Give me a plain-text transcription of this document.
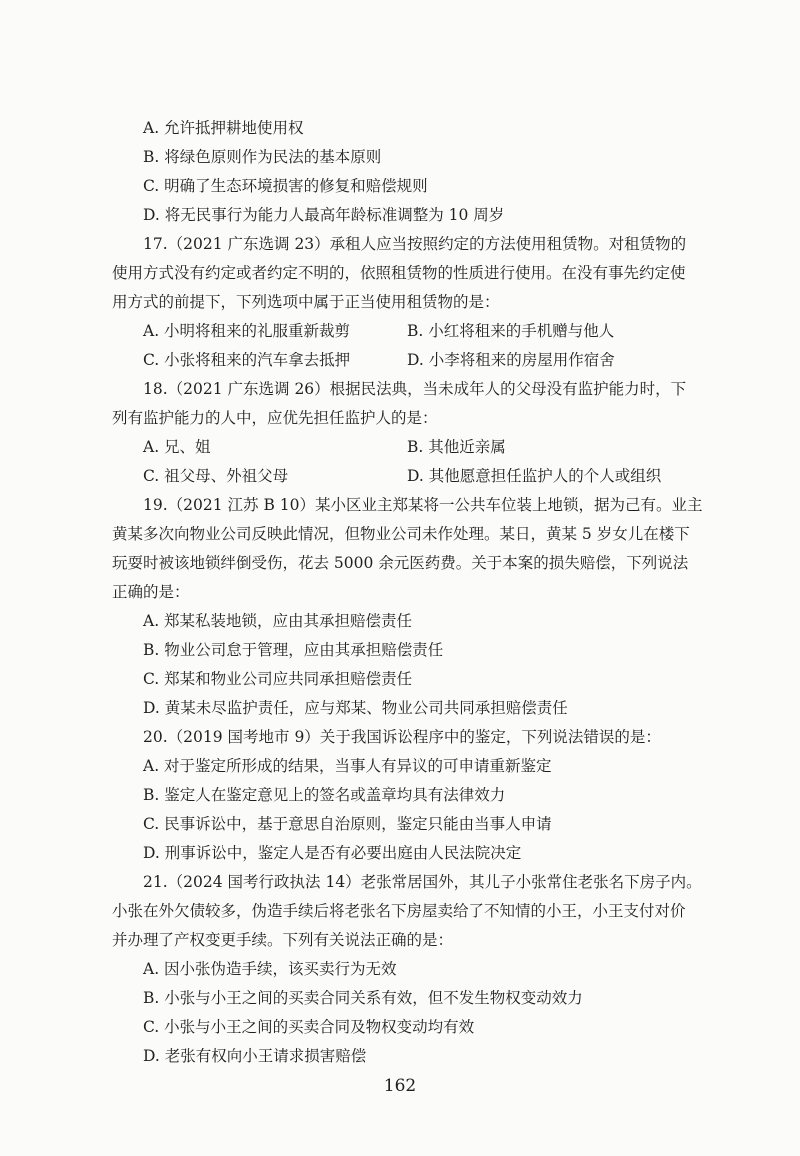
A. 允许抵押耕地使用权
B. 将绿色原则作为民法的基本原则
C. 明确了生态环境损害的修复和赔偿规则
D. 将无民事行为能力人最高年龄标准调整为 10 周岁
17.（2021 广东选调 23）承租人应当按照约定的方法使用租赁物。对租赁物的
使用方式没有约定或者约定不明的，依照租赁物的性质进行使用。在没有事先约定使
用方式的前提下，下列选项中属于正当使用租赁物的是：
A. 小明将租来的礼服重新裁剪	B. 小红将租来的手机赠与他人
C. 小张将租来的汽车拿去抵押	D. 小李将租来的房屋用作宿舍
18.（2021 广东选调 26）根据民法典，当未成年人的父母没有监护能力时，下
列有监护能力的人中，应优先担任监护人的是：
A. 兄、姐	B. 其他近亲属
C. 祖父母、外祖父母	D. 其他愿意担任监护人的个人或组织
19.（2021 江苏 B 10）某小区业主郑某将一公共车位装上地锁，据为己有。业主
黄某多次向物业公司反映此情况，但物业公司未作处理。某日，黄某 5 岁女儿在楼下
玩耍时被该地锁绊倒受伤，花去 5000 余元医药费。关于本案的损失赔偿，下列说法
正确的是：
A. 郑某私装地锁，应由其承担赔偿责任
B. 物业公司怠于管理，应由其承担赔偿责任
C. 郑某和物业公司应共同承担赔偿责任
D. 黄某未尽监护责任，应与郑某、物业公司共同承担赔偿责任
20.（2019 国考地市 9）关于我国诉讼程序中的鉴定，下列说法错误的是：
A. 对于鉴定所形成的结果，当事人有异议的可申请重新鉴定
B. 鉴定人在鉴定意见上的签名或盖章均具有法律效力
C. 民事诉讼中，基于意思自治原则，鉴定只能由当事人申请
D. 刑事诉讼中，鉴定人是否有必要出庭由人民法院决定
21.（2024 国考行政执法 14）老张常居国外，其儿子小张常住老张名下房子内。
小张在外欠债较多，伪造手续后将老张名下房屋卖给了不知情的小王，小王支付对价
并办理了产权变更手续。下列有关说法正确的是：
A. 因小张伪造手续，该买卖行为无效
B. 小张与小王之间的买卖合同关系有效，但不发生物权变动效力
C. 小张与小王之间的买卖合同及物权变动均有效
D. 老张有权向小王请求损害赔偿
162
